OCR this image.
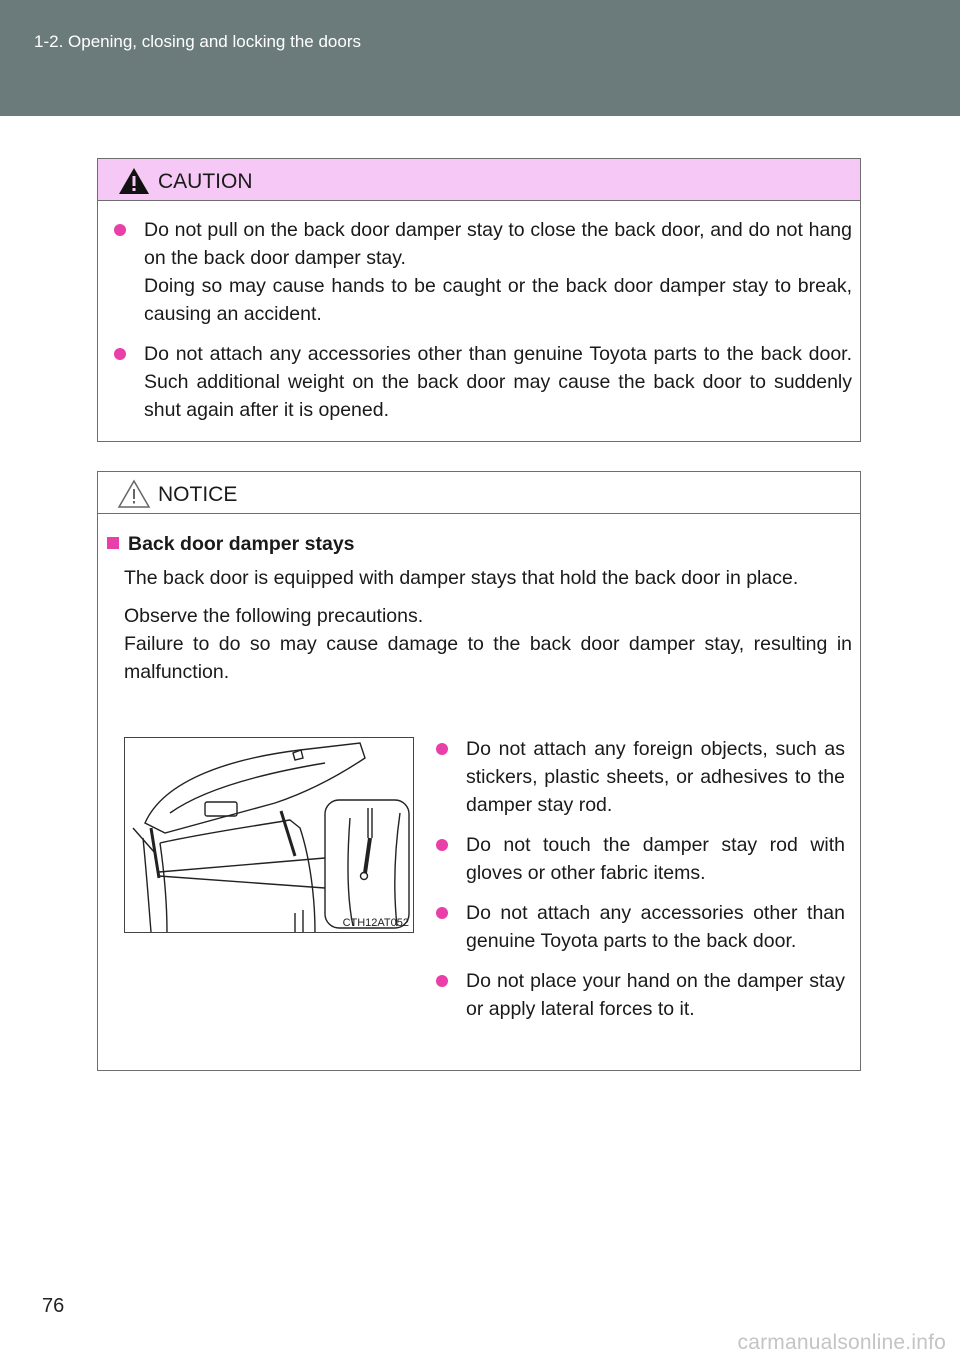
1-2. Opening, closing and locking the doors
CAUTION
Do not pull on the back door damper stay to close the back door, and do not hang on the back door damper stay.
Doing so may cause hands to be caught or the back door damper stay to break, causing an accident.
Do not attach any accessories other than genuine Toyota parts to the back door. Such additional weight on the back door may cause the back door to suddenly shut again after it is opened.
NOTICE
Back door damper stays

The back door is equipped with damper stays that hold the back door in place.

Observe the following precautions.

Failure to do so may cause damage to the back door damper stay, resulting in malfunction.

CTH12AT052
Do not attach any foreign objects, such as stickers, plastic sheets, or adhesives to the damper stay rod.
Do not touch the damper stay rod with gloves or other fabric items.
Do not attach any accessories other than genuine Toyota parts to the back door.
Do not place your hand on the damper stay or apply lateral forces to it.
76
carmanualsonline.info
